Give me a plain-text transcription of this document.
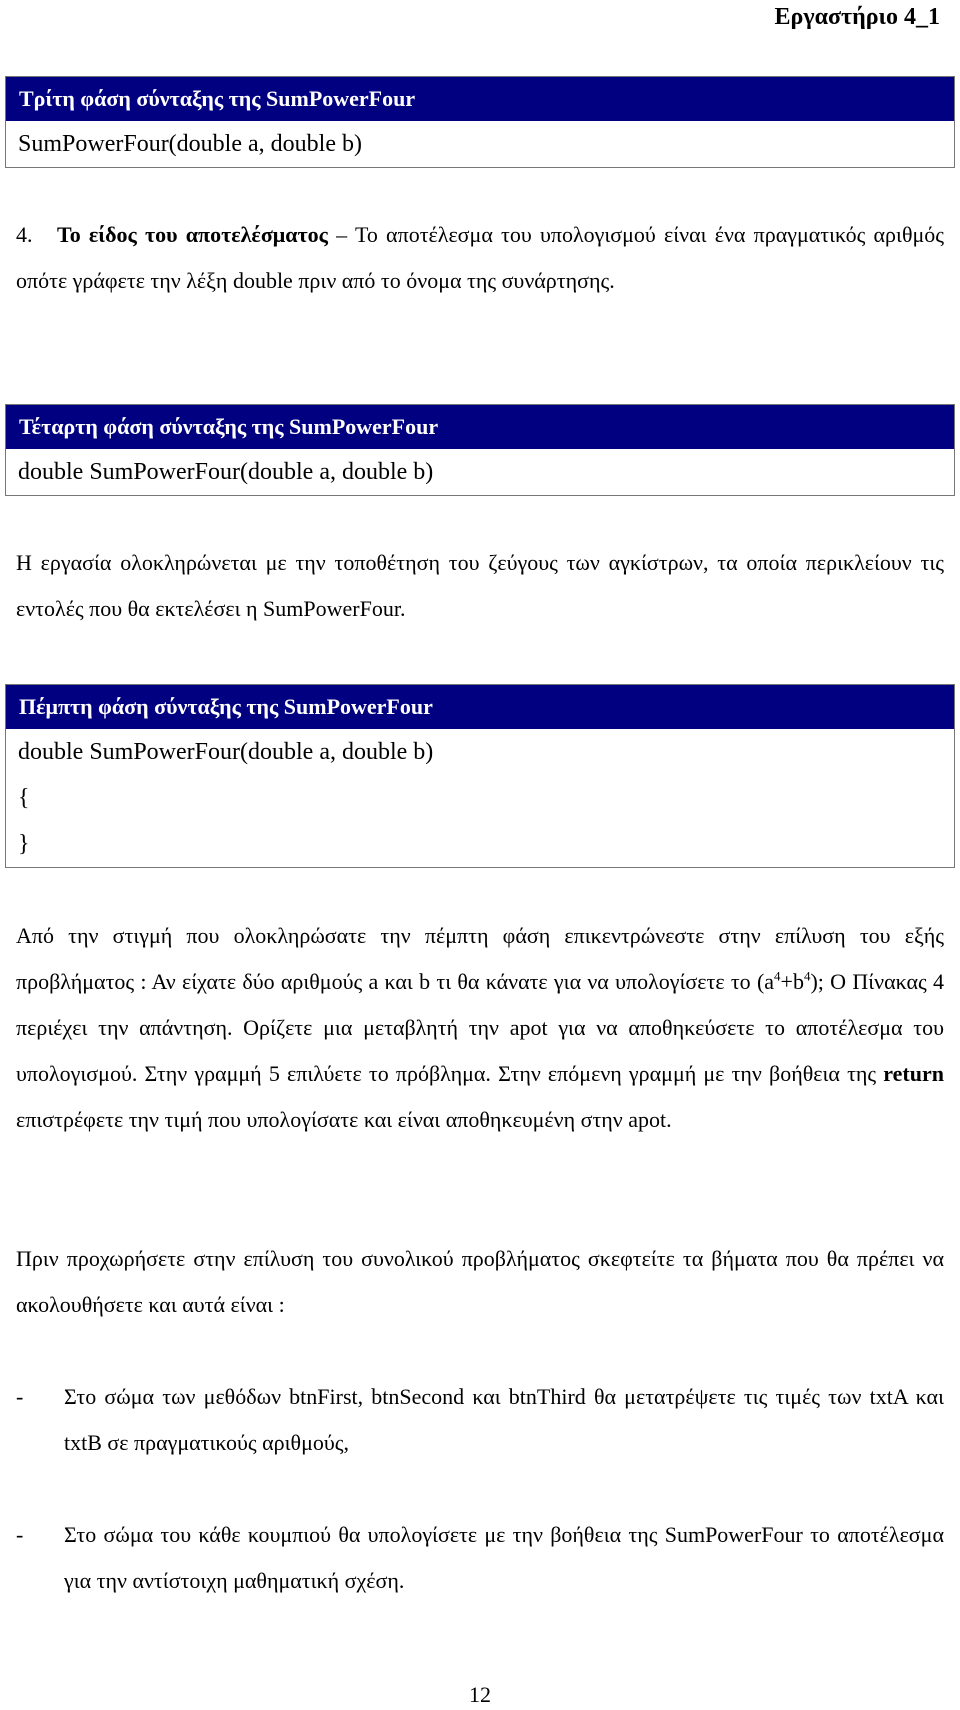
Εργαστήριο 4_1
Τρίτη φάση σύνταξης της SumPowerFour
SumPowerFour(double a, double b)

4. Το είδος του αποτελέσματος – Το αποτέλεσμα του υπολογισμού είναι ένα πραγματικός αριθμός οπότε γράφετε την λέξη double πριν από το όνομα της συνάρτησης.

Τέταρτη φάση σύνταξης της SumPowerFour
double SumPowerFour(double a, double b)

Η εργασία ολοκληρώνεται με την τοποθέτηση του ζεύγους των αγκίστρων, τα οποία περικλείουν τις εντολές που θα εκτελέσει η SumPowerFour.

Πέμπτη φάση σύνταξης της SumPowerFour
double SumPowerFour(double a, double b)
{
}

Από την στιγμή που ολοκληρώσατε την πέμπτη φάση επικεντρώνεστε στην επίλυση του εξής προβλήματος : Αν είχατε δύο αριθμούς a και b τι θα κάνατε για να υπολογίσετε το $(a^4+b^4)$; Ο Πίνακας 4 περιέχει την απάντηση. Ορίζετε μια μεταβλητή την apot για να αποθηκεύσετε το αποτέλεσμα του υπολογισμού. Στην γραμμή 5 επιλύετε το πρόβλημα. Στην επόμενη γραμμή με την βοήθεια της return επιστρέφετε την τιμή που υπολογίσατε και είναι αποθηκευμένη στην apot.

Πριν προχωρήσετε στην επίλυση του συνολικού προβλήματος σκεφτείτε τα βήματα που θα πρέπει να ακολουθήσετε και αυτά είναι :

-	Στο σώμα των μεθόδων btnFirst, btnSecond και btnThird θα μετατρέψετε τις τιμές των txtA και txtB σε πραγματικούς αριθμούς,
-	Στο σώμα του κάθε κουμπιού θα υπολογίσετε με την βοήθεια της SumPowerFour το αποτέλεσμα για την αντίστοιχη μαθηματική σχέση.
12
